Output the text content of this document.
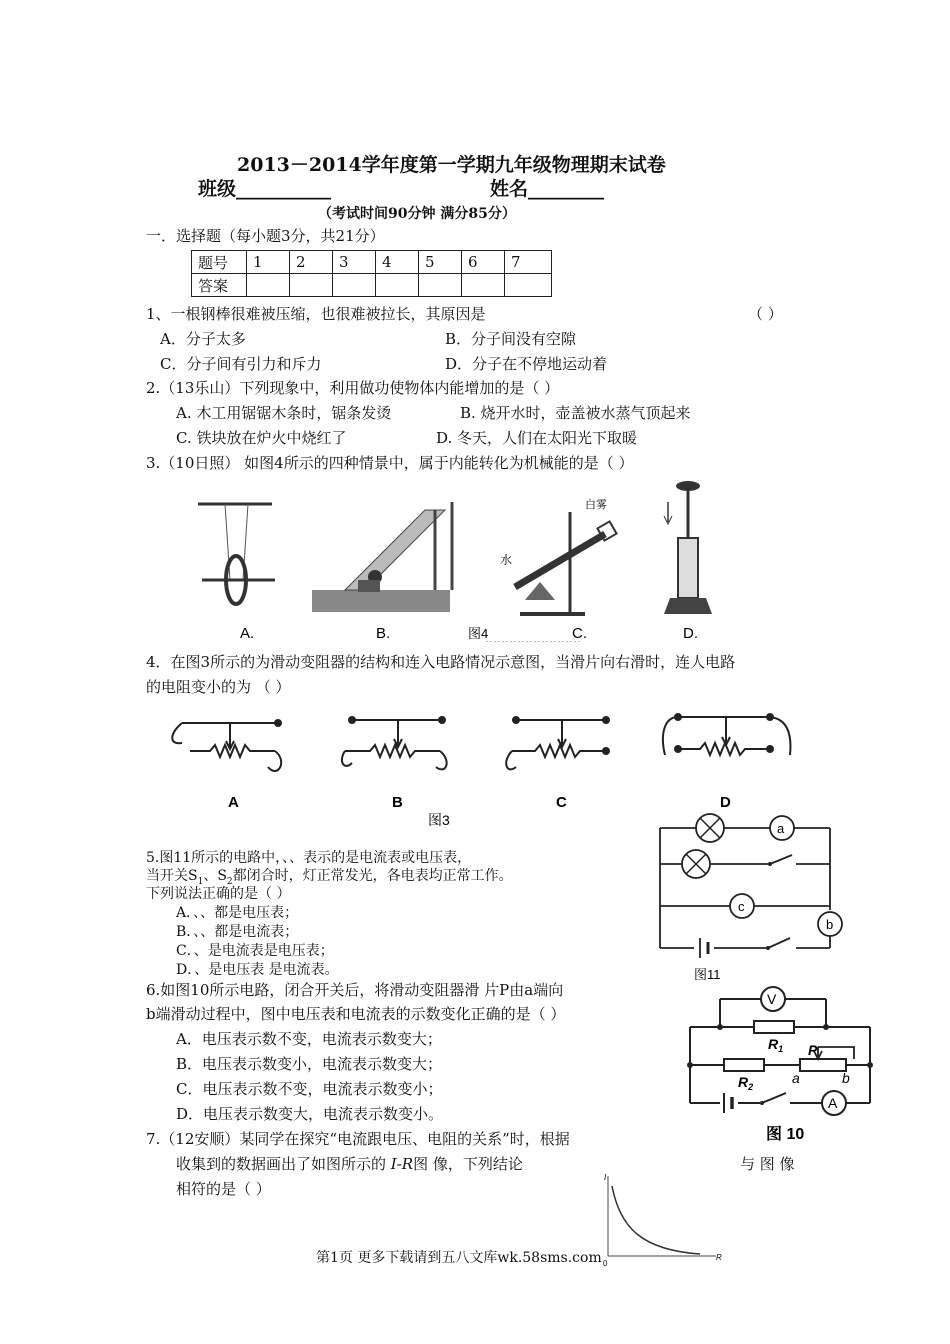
2013－2014学年度第一学期九年级物理期末试卷
班级__________	姓名________
（考试时间90分钟 满分85分）
一．选择题（每小题3分，共21分）
题号	1	2	3	4	5	6	7
答案							
1、一根钢棒很难被压缩，也很难被拉长，其原因是	（ ）
A．分子太多	B．分子间没有空隙
C．分子间有引力和斥力	D．分子在不停地运动着
2.（13乐山）下列现象中，利用做功使物体内能增加的是（ ）
A. 木工用锯锯木条时，锯条发烫	B. 烧开水时，壶盖被水蒸气顶起来
C. 铁块放在炉火中烧红了	D. 冬天，人们在太阳光下取暖
3.（10日照） 如图4所示的四种情景中，属于内能转化为机械能的是（ ）
白雾
水
A.	B.	图4	C.	D.
4．在图3所示的为滑动变阻器的结构和连入电路情况示意图，当滑片向右滑时，连人电路
的电阻变小的为 （ ）
A	B	C	D
图3
5.图11所示的电路中，、、表示的是电流表或电压表，
当开关$S_1$、$S_2$都闭合时，灯正常发光，各电表均正常工作。
下列说法正确的是（ ）
A．、、都是电压表；
B．、、都是电流表；
C．、是电流表是电压表；
D．、是电压表 是电流表。
a
c
b
图11
6.如图10所示电路，闭合开关后，将滑动变阻器滑 片P由a端向
b端滑动过程中，图中电压表和电流表的示数变化正确的是（ ）
A．电压表示数不变，电流表示数变大；
B．电压表示数变小，电流表示数变大；
C．电压表示数不变，电流表示数变小；
D．电压表示数变大，电流表示数变小。
V
$R_1$
$R_2$
P
a	b
A
图 10
7.（12安顺）某同学在探究“电流跟电压、电阻的关系”时，根据
收集到的数据画出了如图所示的 I-R图 像，下列结论	与 图 像
相符的是（ ）
I
R
0
第1页 更多下载请到五八文库wk.58sms.com
